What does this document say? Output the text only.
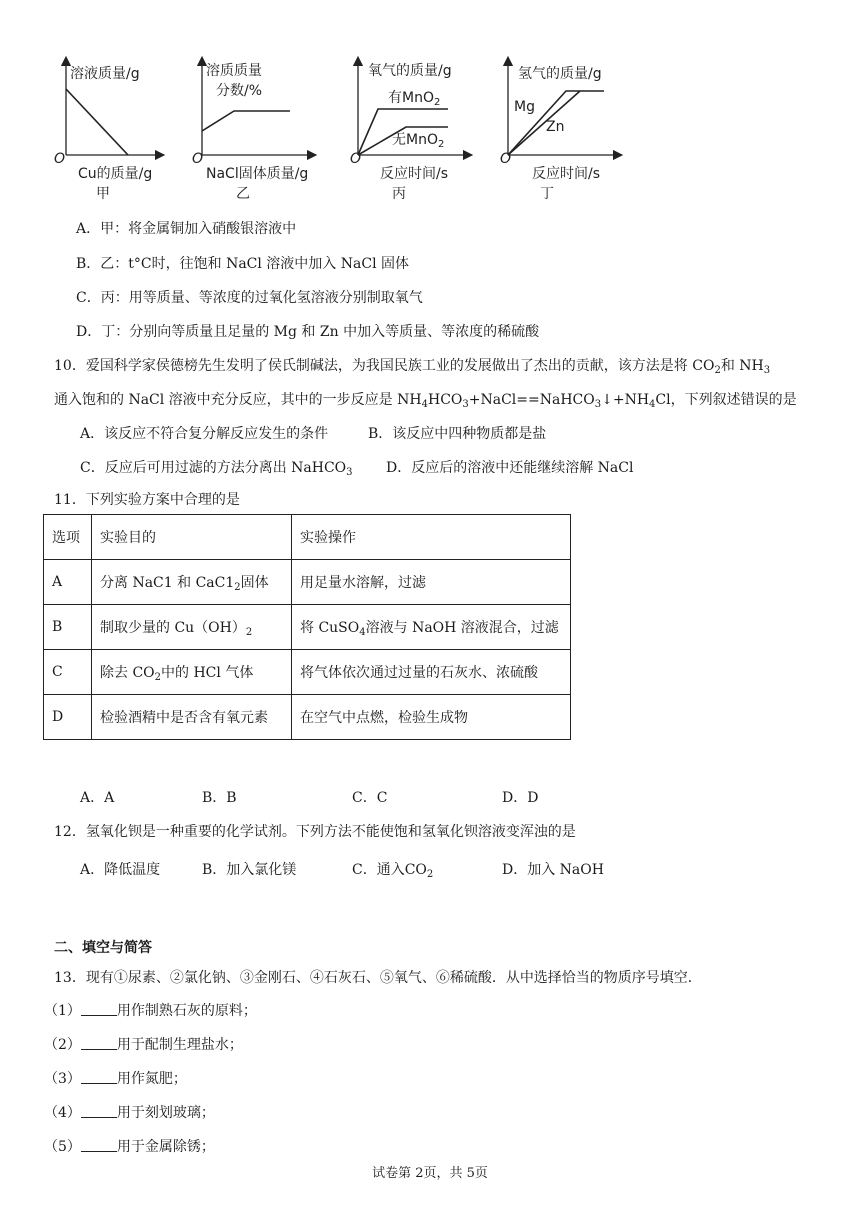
溶液质量/g
O
Cu的质量/g
甲
溶质质量
分数/%
O
NaCl固体质量/g
乙
氧气的质量/g
有MnO$_2$
无MnO$_2$
O
反应时间/s
丙
氢气的质量/g
Mg
Zn
O
反应时间/s
丁
A．甲：将金属铜加入硝酸银溶液中
B．乙：t°C时，往饱和 NaCl 溶液中加入 NaCl 固体
C．丙：用等质量、等浓度的过氧化氢溶液分别制取氧气
D．丁：分别向等质量且足量的 Mg 和 Zn 中加入等质量、等浓度的稀硫酸
10．爱国科学家侯德榜先生发明了侯氏制碱法，为我国民族工业的发展做出了杰出的贡献，该方法是将 $CO_2$和 $NH_3$
通入饱和的 NaCl 溶液中充分反应，其中的一步反应是 $NH_4HCO_3+NaCl==NaHCO_3↓+NH_4Cl$，下列叙述错误的是
A．该反应不符合复分解反应发生的条件	B．该反应中四种物质都是盐
C．反应后可用过滤的方法分离出 NaHCO$_3$ D．反应后的溶液中还能继续溶解 NaCl
11．下列实验方案中合理的是
选项	实验目的	实验操作
A	分离 NaC1 和 $CaC1_2$固体	用足量水溶解，过滤
B	制取少量的 $Cu(OH)_2$	将 CuSO$_4$溶液与 NaOH 溶液混合，过滤
C	除去 $CO_2$中的 HCl 气体	将气体依次通过过量的石灰水、浓硫酸
D	检验酒精中是否含有氧元素	在空气中点燃，检验生成物
A．A	B．B	C．C	D．D
12．氢氧化钡是一种重要的化学试剂。下列方法不能使饱和氢氧化钡溶液变浑浊的是
A．降低温度	B．加入氯化镁	C．通入$CO_2$	D．加入 NaOH
二、填空与简答
13．现有①尿素、②氯化钠、③金刚石、④石灰石、⑤氧气、⑥稀硫酸．从中选择恰当的物质序号填空．
（1）	用作制熟石灰的原料；
（2）	用于配制生理盐水；
（3）	用作氮肥；
（4）	用于刻划玻璃；
（5）	用于金属除锈；
试卷第 2页，共 5页
